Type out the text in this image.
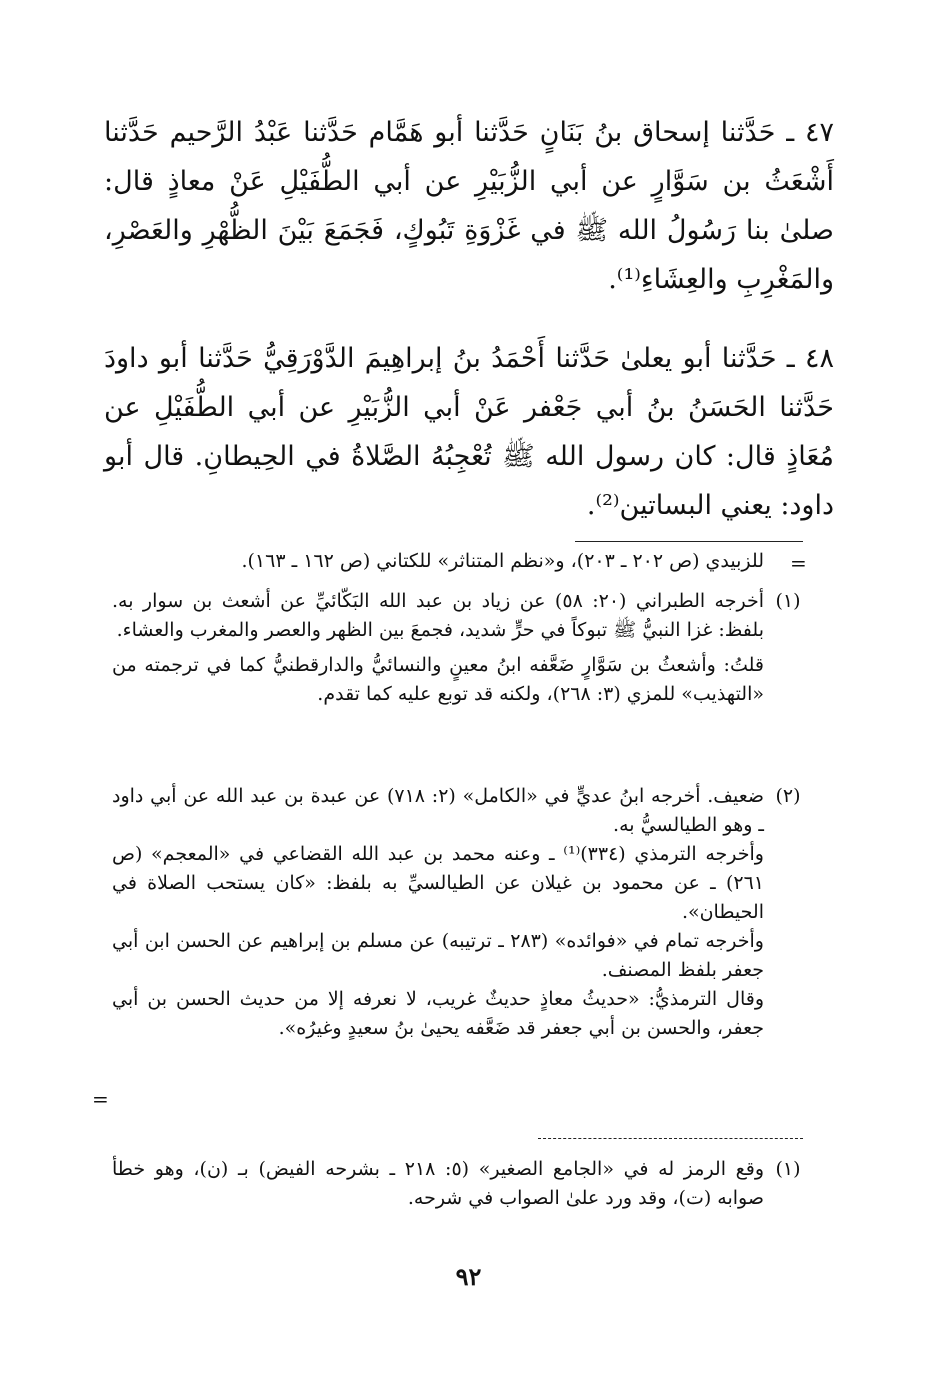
٤٧ ـ حَدَّثنا إسحاق بنُ بَنَانٍ حَدَّثنا أبو هَمَّام حَدَّثنا عَبْدُ الرَّحيم حَدَّثنا أَشْعَثُ بن سَوَّارٍ عن أبي الزُّبَيْرِ عن أبي الطُّفَيْلِ عَنْ معاذٍ قال: صلىٰ بنا رَسُولُ الله ﷺ في غَزْوَةِ تَبُوكٍ، فَجَمَعَ بَيْنَ الظُّهْرِ والعَصْرِ، والمَغْرِبِ والعِشَاءِ⁽¹⁾.

٤٨ ـ حَدَّثنا أبو يعلىٰ حَدَّثنا أَحْمَدُ بنُ إبراهِيمَ الدَّوْرَقِيُّ حَدَّثنا أبو داودَ حَدَّثنا الحَسَنُ بنُ أبي جَعْفر عَنْ أبي الزُّبَيْرِ عن أبي الطُّفَيْلِ عن مُعَاذٍ قال: كان رسول الله ﷺ تُعْجِبُهُ الصَّلاةُ في الحِيطانِ. قال أبو داود: يعني البساتين⁽²⁾.

=
للزبيدي (ص ٢٠٢ ـ ٢٠٣)، و«نظم المتناثر» للكتاني (ص ١٦٢ ـ ١٦٣).
(١)
أخرجه الطبراني (٢٠: ٥٨) عن زياد بن عبد الله البَكّائيِّ عن أشعث بن سوار به. بلفظ: غزا النبيُّ ﷺ تبوكاً في حرٍّ شديد، فجمعَ بين الظهر والعصر والمغرب والعشاء.
قلتُ: وأشعثُ بن سَوَّارٍ ضَعَّفه ابنُ معينٍ والنسائيُّ والدارقطنيُّ كما في ترجمته من «التهذيب» للمزي (٣: ٢٦٨)، ولكنه قد توبع عليه كما تقدم.
(٢)
ضعيف. أخرجه ابنُ عديٍّ في «الكامل» (٢: ٧١٨) عن عبدة بن عبد الله عن أبي داود ـ وهو الطيالسيُّ به.
وأخرجه الترمذي (٣٣٤)⁽¹⁾ ـ وعنه محمد بن عبد الله القضاعي في «المعجم» (ص ٢٦١) ـ عن محمود بن غيلان عن الطيالسيِّ به بلفظ: «كان يستحب الصلاة في الحيطان».
وأخرجه تمام في «فوائده» (٢٨٣ ـ ترتيبه) عن مسلم بن إبراهيم عن الحسن ابن أبي جعفر بلفظ المصنف.
وقال الترمذيُّ: «حديثُ معاذٍ حديثٌ غريب، لا نعرفه إلا من حديث الحسن بن أبي جعفر، والحسن بن أبي جعفر قد ضَعَّفه يحيىٰ بنُ سعيدٍ وغيرُه».
=
(١)
وقع الرمز له في «الجامع الصغير» (٥: ٢١٨ ـ بشرحه الفيض) بـ (ن)، وهو خطأ صوابه (ت)، وقد ورد علىٰ الصواب في شرحه.
٩٢
